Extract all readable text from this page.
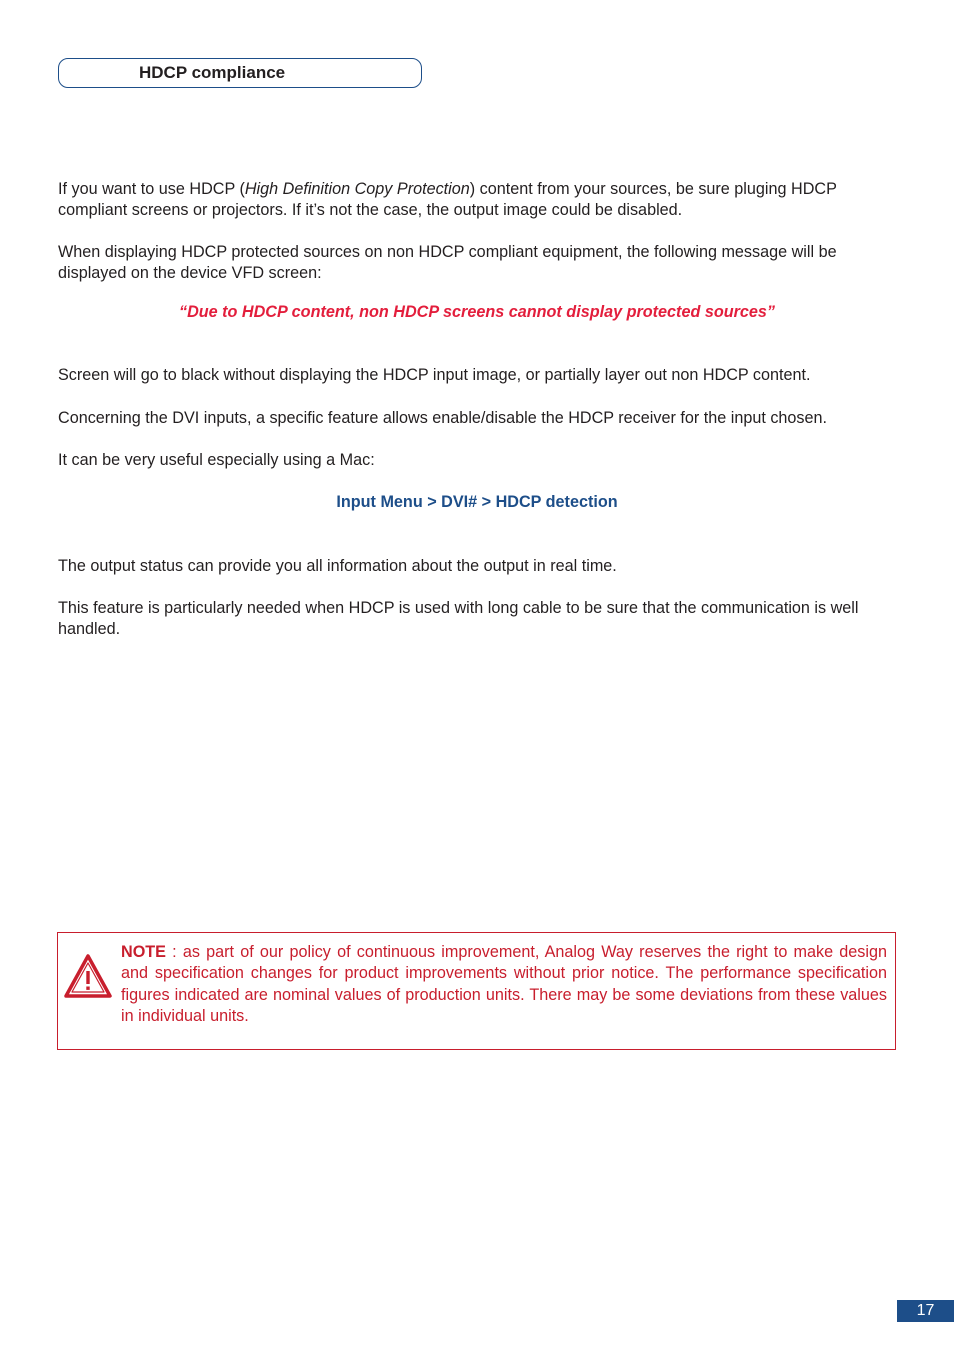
HDCP compliance

If you want to use HDCP (High Definition Copy Protection) content from your sources, be sure pluging HDCP compliant screens or projectors. If it’s not the case, the output image could be disabled.

When displaying HDCP protected sources on non HDCP compliant equipment, the following message will be displayed on the device VFD screen:

“Due to HDCP content, non HDCP screens cannot display protected sources”

Screen will go to black without displaying the HDCP input image, or partially layer out non HDCP content.

Concerning the DVI inputs, a specific feature allows enable/disable the HDCP receiver for the input chosen.

It can be very useful especially using a Mac:

Input Menu > DVI# > HDCP detection

The output status can provide you all information about the output in real time.

This feature is particularly needed when HDCP is used with long cable to be sure that the communication is well handled.

NOTE : as part of our policy of continuous improvement, Analog Way reserves the right to make design and specification changes for product improvements without prior notice. The performance specification figures indicated are nominal values of production units. There may be some deviations from these values in individual units.
17
